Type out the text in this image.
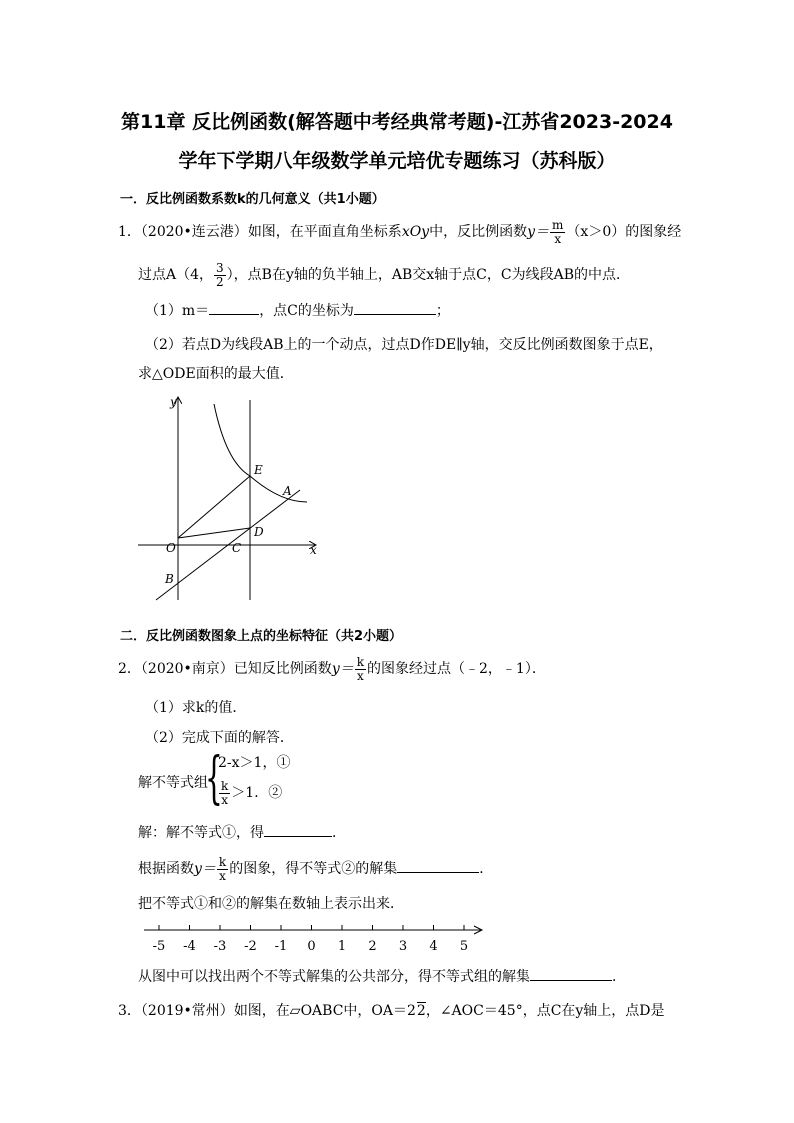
第11章 反比例函数(解答题中考经典常考题)-江苏省2023-2024
学年下学期八年级数学单元培优专题练习（苏科版）
一．反比例函数系数k的几何意义（共1小题）
1．（2020•连云港）如图，在平面直角坐标系xOy中，反比例函数$y= \frac{m}{x} (x>0)$的图象经
过点A（4， $\frac{3}{2}$ ），点B在y轴的负半轴上，AB交x轴于点C，C为线段AB的中点．
（1）m＝	，点C的坐标为	；
（2）若点D为线段AB上的一个动点，过点D作DE∥y轴，交反比例函数图象于点E，
求△ODE面积的最大值．
y
x
O
E
A
D
C
B
二．反比例函数图象上点的坐标特征（共2小题）
2．（2020•南京）已知反比例函数$y= \frac{k}{x}$ 的图象经过点（﹣2，﹣1）．
（1）求k的值．
（2）完成下面的解答．
解不等式组
{
2-x＞1，①
$\frac{k}{x} >1$．②
解：解不等式①，得	．
根据函数$y= \frac{k}{x}$ 的图象，得不等式②的解集	．
把不等式①和②的解集在数轴上表示出来．
-5 -4 -3 -2 -1 0 1 2 3 4 5
从图中可以找出两个不等式解集的公共部分，得不等式组的解集	．
3．（2019•常州）如图，在▱OABC中，OA＝22，∠AOC＝45°，点C在y轴上，点D是
